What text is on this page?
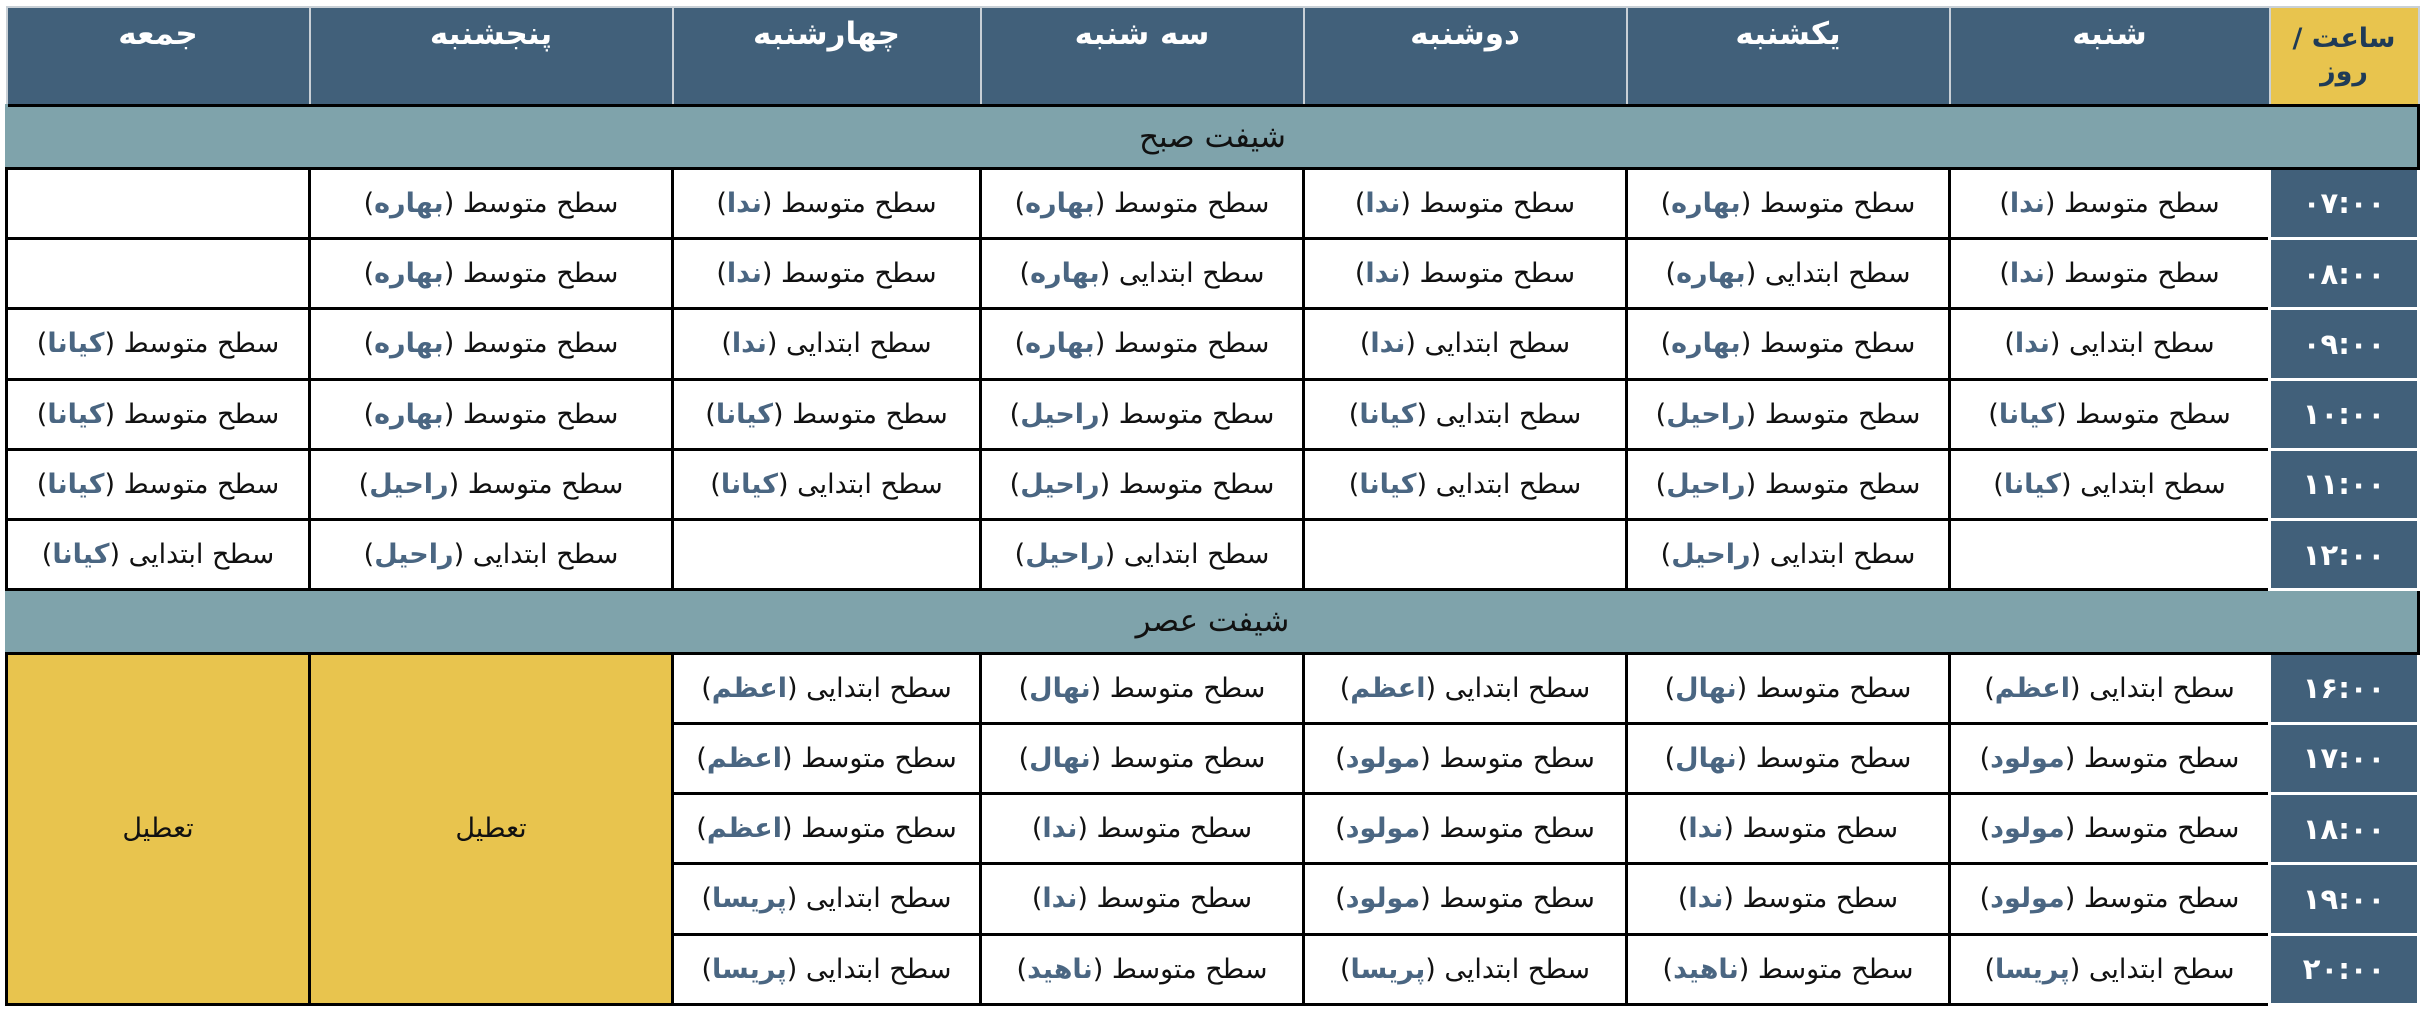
ساعت / روز	شنبه	یکشنبه	دوشنبه	سه شنبه	چهارشنبه	پنجشنبه	جمعه
شیفت صبح							
۰۷:۰۰	سطح متوسط (ندا)	سطح متوسط (بهاره)	سطح متوسط (ندا)	سطح متوسط (بهاره)	سطح متوسط (ندا)	سطح متوسط (بهاره)	
۰۸:۰۰	سطح متوسط (ندا)	سطح ابتدایی (بهاره)	سطح متوسط (ندا)	سطح ابتدایی (بهاره)	سطح متوسط (ندا)	سطح متوسط (بهاره)	
۰۹:۰۰	سطح ابتدایی (ندا)	سطح متوسط (بهاره)	سطح ابتدایی (ندا)	سطح متوسط (بهاره)	سطح ابتدایی (ندا)	سطح متوسط (بهاره)	سطح متوسط (کیانا)
۱۰:۰۰	سطح متوسط (کیانا)	سطح متوسط (راحیل)	سطح ابتدایی (کیانا)	سطح متوسط (راحیل)	سطح متوسط (کیانا)	سطح متوسط (بهاره)	سطح متوسط (کیانا)
۱۱:۰۰	سطح ابتدایی (کیانا)	سطح متوسط (راحیل)	سطح ابتدایی (کیانا)	سطح متوسط (راحیل)	سطح ابتدایی (کیانا)	سطح متوسط (راحیل)	سطح متوسط (کیانا)
۱۲:۰۰		سطح ابتدایی (راحیل)		سطح ابتدایی (راحیل)		سطح ابتدایی (راحیل)	سطح ابتدایی (کیانا)
شیفت عصر							
۱۶:۰۰	سطح ابتدایی (اعظم)	سطح متوسط (نهال)	سطح ابتدایی (اعظم)	سطح متوسط (نهال)	سطح ابتدایی (اعظم)	تعطیل	تعطیل
۱۷:۰۰	سطح متوسط (مولود)	سطح متوسط (نهال)	سطح متوسط (مولود)	سطح متوسط (نهال)	سطح متوسط (اعظم)		
۱۸:۰۰	سطح متوسط (مولود)	سطح متوسط (ندا)	سطح متوسط (مولود)	سطح متوسط (ندا)	سطح متوسط (اعظم)		
۱۹:۰۰	سطح متوسط (مولود)	سطح متوسط (ندا)	سطح متوسط (مولود)	سطح متوسط (ندا)	سطح ابتدایی (پریسا)		
۲۰:۰۰	سطح ابتدایی (پریسا)	سطح متوسط (ناهید)	سطح ابتدایی (پریسا)	سطح متوسط (ناهید)	سطح ابتدایی (پریسا)		
